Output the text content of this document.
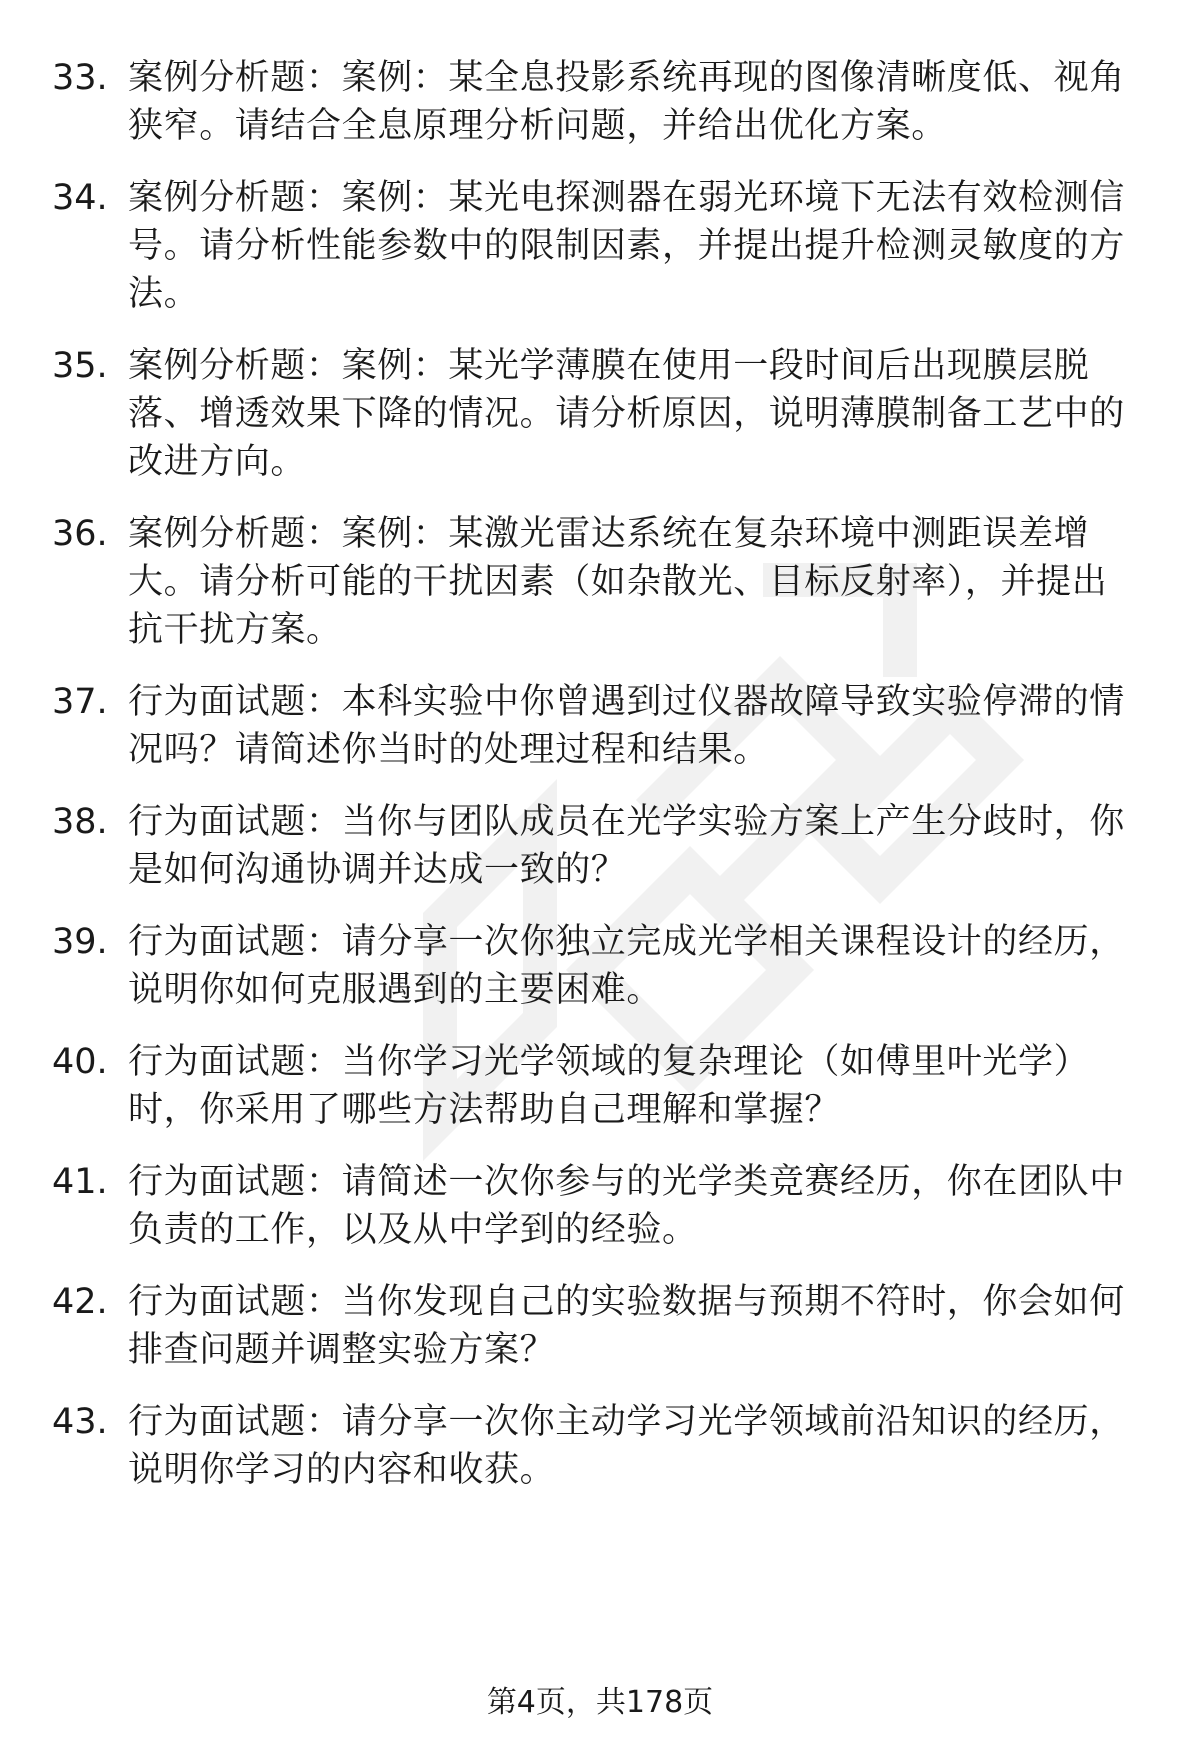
33. 案例分析题：案例：某全息投影系统再现的图像清晰度低、视角狭窄。请结合全息原理分析问题，并给出优化方案。
34. 案例分析题：案例：某光电探测器在弱光环境下无法有效检测信号。请分析性能参数中的限制因素，并提出提升检测灵敏度的方法。
35. 案例分析题：案例：某光学薄膜在使用一段时间后出现膜层脱落、增透效果下降的情况。请分析原因，说明薄膜制备工艺中的改进方向。
36. 案例分析题：案例：某激光雷达系统在复杂环境中测距误差增大。请分析可能的干扰因素（如杂散光、目标反射率），并提出抗干扰方案。
37. 行为面试题：本科实验中你曾遇到过仪器故障导致实验停滞的情况吗？请简述你当时的处理过程和结果。
38. 行为面试题：当你与团队成员在光学实验方案上产生分歧时，你是如何沟通协调并达成一致的？
39. 行为面试题：请分享一次你独立完成光学相关课程设计的经历，说明你如何克服遇到的主要困难。
40. 行为面试题：当你学习光学领域的复杂理论（如傅里叶光学）时，你采用了哪些方法帮助自己理解和掌握？
41. 行为面试题：请简述一次你参与的光学类竞赛经历，你在团队中负责的工作，以及从中学到的经验。
42. 行为面试题：当你发现自己的实验数据与预期不符时，你会如何排查问题并调整实验方案？
43. 行为面试题：请分享一次你主动学习光学领域前沿知识的经历，说明你学习的内容和收获。
第4页，共178页
